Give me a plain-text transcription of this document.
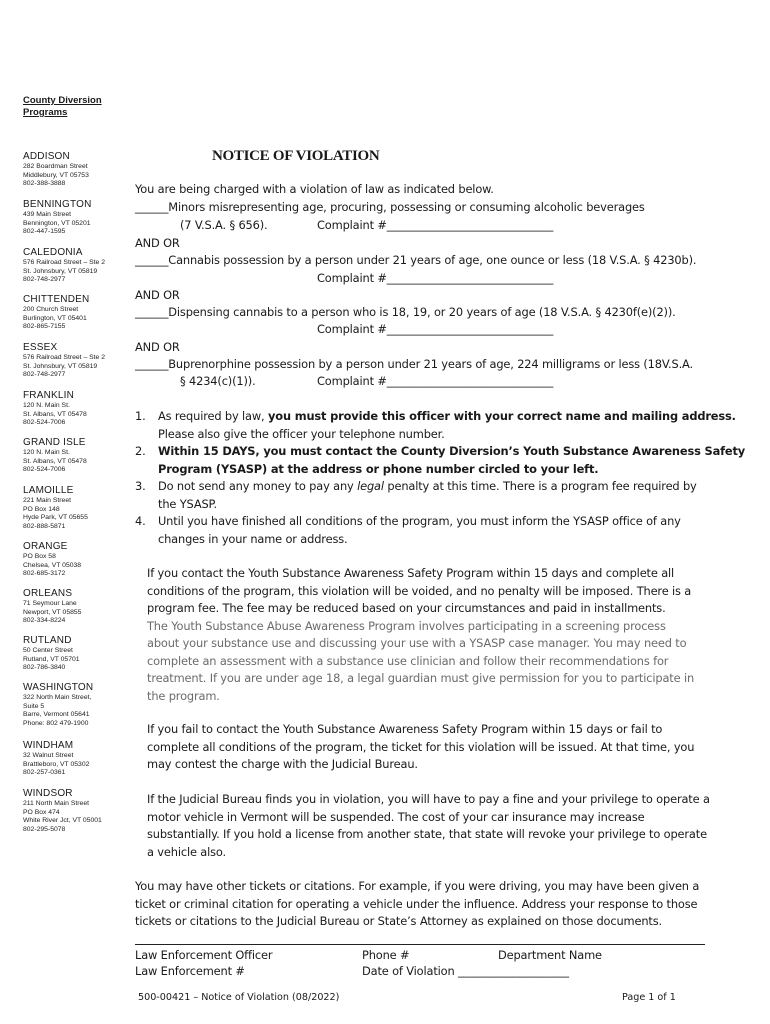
County Diversion
Programs
ADDISON
282 Boardman Street
Middlebury, VT 05753
802-388-3888
BENNINGTON
439 Main Street
Bennington, VT 05201
802-447-1595
CALEDONIA
576 Railroad Street – Ste 2
St. Johnsbury, VT 05819
802-748-2977
CHITTENDEN
200 Church Street
Burlington, VT 05401
802-865-7155
ESSEX
576 Railroad Street – Ste 2
St. Johnsbury, VT 05819
802-748-2977
FRANKLIN
120 N. Main St.
St. Albans, VT 05478
802-524-7006
GRAND ISLE
120 N. Main St.
St. Albans, VT 05478
802-524-7006
LAMOILLE
221 Main Street
PO Box 148
Hyde Park, VT 05655
802-888-5871
ORANGE
PO Box 58
Chelsea, VT 05038
802-685-3172
ORLEANS
71 Seymour Lane
Newport, VT 05855
802-334-8224
RUTLAND
50 Center Street
Rutland, VT 05701
802-786-3840
WASHINGTON
322 North Main Street,
Suite 5
Barre, Vermont 05641
Phone: 802 479-1900
WINDHAM
32 Walnut Street
Brattleboro, VT 05302
802-257-0361
WINDSOR
211 North Main Street
PO Box 474
White River Jct, VT 05001
802-295-5078
NOTICE OF VIOLATION
You are being charged with a violation of law as indicated below.
______Minors misrepresenting age, procuring, possessing or consuming alcoholic beverages
(7 V.S.A. § 656).	Complaint #______________________________
AND OR
______Cannabis possession by a person under 21 years of age, one ounce or less (18 V.S.A. § 4230b).
Complaint #______________________________
AND OR
______Dispensing cannabis to a person who is 18, 19, or 20 years of age (18 V.S.A. § 4230f(e)(2)).
Complaint #______________________________
AND OR
______Buprenorphine possession by a person under 21 years of age, 224 milligrams or less (18V.S.A.
§ 4234(c)(1)).	Complaint #______________________________
1. As required by law, you must provide this officer with your correct name and mailing address.
Please also give the officer your telephone number.
2. Within 15 DAYS, you must contact the County Diversion’s Youth Substance Awareness Safety
Program (YSASP) at the address or phone number circled to your left.
3. Do not send any money to pay any legal penalty at this time. There is a program fee required by
the YSASP.
4. Until you have finished all conditions of the program, you must inform the YSASP office of any
changes in your name or address.
If you contact the Youth Substance Awareness Safety Program within 15 days and complete all
conditions of the program, this violation will be voided, and no penalty will be imposed. There is a
program fee. The fee may be reduced based on your circumstances and paid in installments.
The Youth Substance Abuse Awareness Program involves participating in a screening process
about your substance use and discussing your use with a YSASP case manager. You may need to
complete an assessment with a substance use clinician and follow their recommendations for
treatment. If you are under age 18, a legal guardian must give permission for you to participate in
the program.
If you fail to contact the Youth Substance Awareness Safety Program within 15 days or fail to
complete all conditions of the program, the ticket for this violation will be issued. At that time, you
may contest the charge with the Judicial Bureau.
If the Judicial Bureau finds you in violation, you will have to pay a fine and your privilege to operate a
motor vehicle in Vermont will be suspended. The cost of your car insurance may increase
substantially. If you hold a license from another state, that state will revoke your privilege to operate
a vehicle also.
You may have other tickets or citations. For example, if you were driving, you may have been given a
ticket or criminal citation for operating a vehicle under the influence. Address your response to those
tickets or citations to the Judicial Bureau or State’s Attorney as explained on those documents.
Law Enforcement Officer	Phone #	Department Name
Law Enforcement #	Date of Violation ____________________
500-00421 – Notice of Violation (08/2022)	Page 1 of 1
